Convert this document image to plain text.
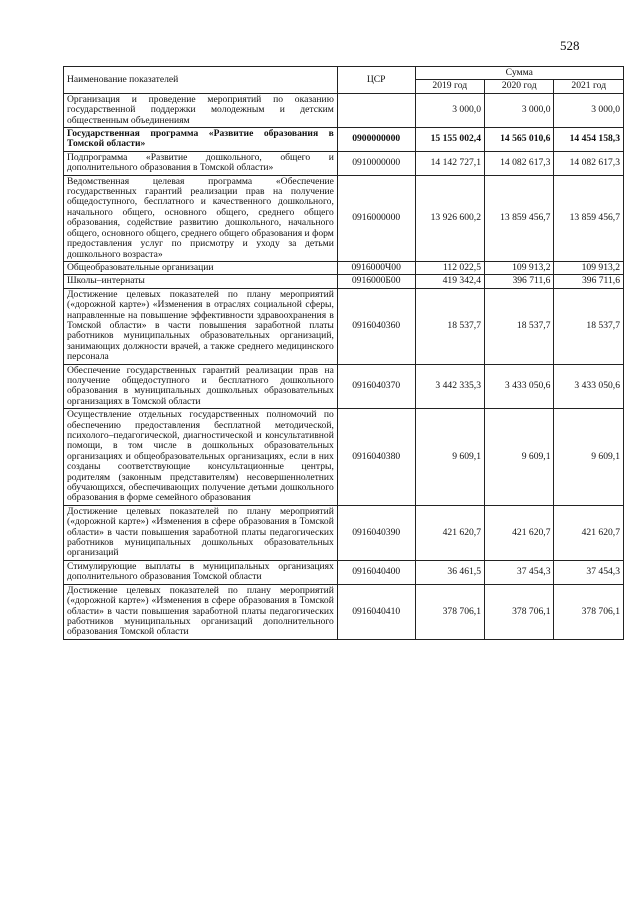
528
Наименование показателей	ЦСР	Сумма		
		2019 год	2020 год	2021 год
Организация и проведение мероприятий по оказанию государственной поддержки молодежным и детским общественным объединениям		3 000,0	3 000,0	3 000,0
Государственная программа «Развитие образования в Томской области»	0900000000	15 155 002,4	14 565 010,6	14 454 158,3
Подпрограмма «Развитие дошкольного, общего и дополнительного образования в Томской области»	0910000000	14 142 727,1	14 082 617,3	14 082 617,3
Ведомственная целевая программа «Обеспечение государственных гарантий реализации прав на получение общедоступного, бесплатного и качественного дошкольного, начального общего, основного общего, среднего общего образования, содействие развитию дошкольного, начального общего, основного общего, среднего общего образования и форм предоставления услуг по присмотру и уходу за детьми дошкольного возраста»	0916000000	13 926 600,2	13 859 456,7	13 859 456,7
Общеобразовательные организации	0916000Ч00	112 022,5	109 913,2	109 913,2
Школы–интернаты	0916000Б00	419 342,4	396 711,6	396 711,6
Достижение целевых показателей по плану мероприятий («дорожной карте») «Изменения в отраслях социальной сферы, направленные на повышение эффективности здравоохранения в Томской области» в части повышения заработной платы работников муниципальных образовательных организаций, занимающих должности врачей, а также среднего медицинского персонала	0916040360	18 537,7	18 537,7	18 537,7
Обеспечение государственных гарантий реализации прав на получение общедоступного и бесплатного дошкольного образования в муниципальных дошкольных образовательных организациях в Томской области	0916040370	3 442 335,3	3 433 050,6	3 433 050,6
Осуществление отдельных государственных полномочий по обеспечению предоставления бесплатной методической, психолого–педагогической, диагностической и консультативной помощи, в том числе в дошкольных образовательных организациях и общеобразовательных организациях, если в них созданы соответствующие консультационные центры, родителям (законным представителям) несовершеннолетних обучающихся, обеспечивающих получение детьми дошкольного образования в форме семейного образования	0916040380	9 609,1	9 609,1	9 609,1
Достижение целевых показателей по плану мероприятий («дорожной карте») «Изменения в сфере образования в Томской области» в части повышения заработной платы педагогических работников муниципальных дошкольных образовательных организаций	0916040390	421 620,7	421 620,7	421 620,7
Стимулирующие выплаты в муниципальных организациях дополнительного образования Томской области	0916040400	36 461,5	37 454,3	37 454,3
Достижение целевых показателей по плану мероприятий («дорожной карте») «Изменения в сфере образования в Томской области» в части повышения заработной платы педагогических работников муниципальных организаций дополнительного образования Томской области	0916040410	378 706,1	378 706,1	378 706,1
